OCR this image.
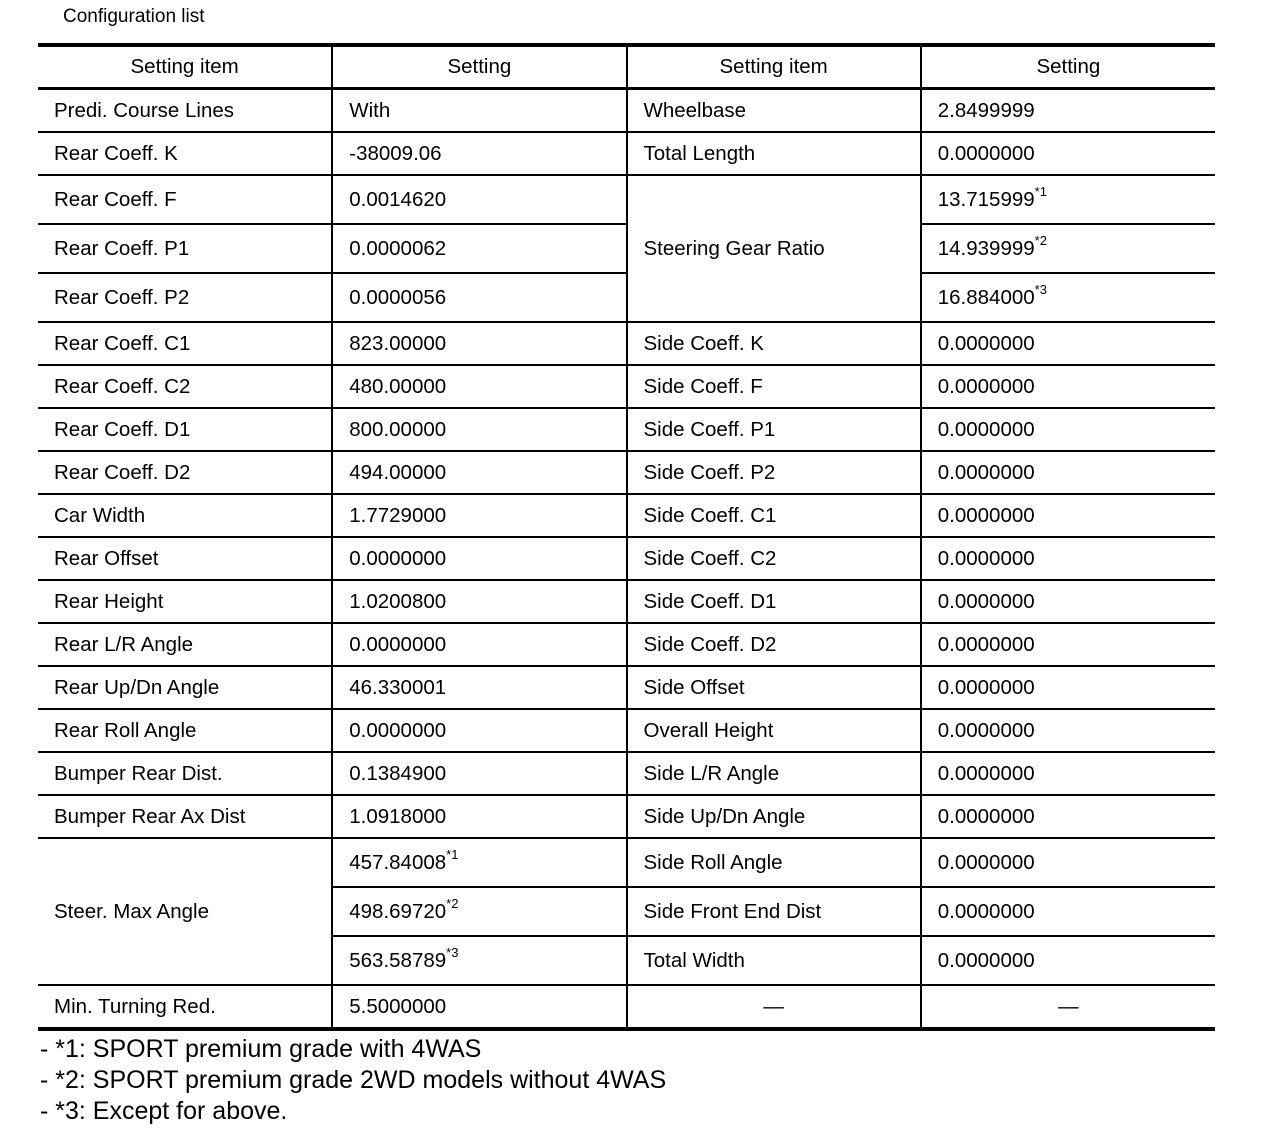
Configuration list
Setting item	Setting	Setting item	Setting
Predi. Course Lines	With	Wheelbase	2.8499999
Rear Coeff. K	-38009.06	Total Length	0.0000000
Rear Coeff. F	0.0014620	Steering Gear Ratio	13.715999$^{*1}$
Rear Coeff. P1	0.0000062		14.939999$^{*2}$
Rear Coeff. P2	0.0000056		16.884000$^{*3}$
Rear Coeff. C1	823.00000	Side Coeff. K	0.0000000
Rear Coeff. C2	480.00000	Side Coeff. F	0.0000000
Rear Coeff. D1	800.00000	Side Coeff. P1	0.0000000
Rear Coeff. D2	494.00000	Side Coeff. P2	0.0000000
Car Width	1.7729000	Side Coeff. C1	0.0000000
Rear Offset	0.0000000	Side Coeff. C2	0.0000000
Rear Height	1.0200800	Side Coeff. D1	0.0000000
Rear L/R Angle	0.0000000	Side Coeff. D2	0.0000000
Rear Up/Dn Angle	46.330001	Side Offset	0.0000000
Rear Roll Angle	0.0000000	Overall Height	0.0000000
Bumper Rear Dist.	0.1384900	Side L/R Angle	0.0000000
Bumper Rear Ax Dist	1.0918000	Side Up/Dn Angle	0.0000000
Steer. Max Angle	457.84008$^{*1}$	Side Roll Angle	0.0000000
	498.69720$^{*2}$	Side Front End Dist	0.0000000
	563.58789$^{*3}$	Total Width	0.0000000
Min. Turning Red.	5.5000000	—	—
- *1: SPORT premium grade with 4WAS
- *2: SPORT premium grade 2WD models without 4WAS
- *3: Except for above.
